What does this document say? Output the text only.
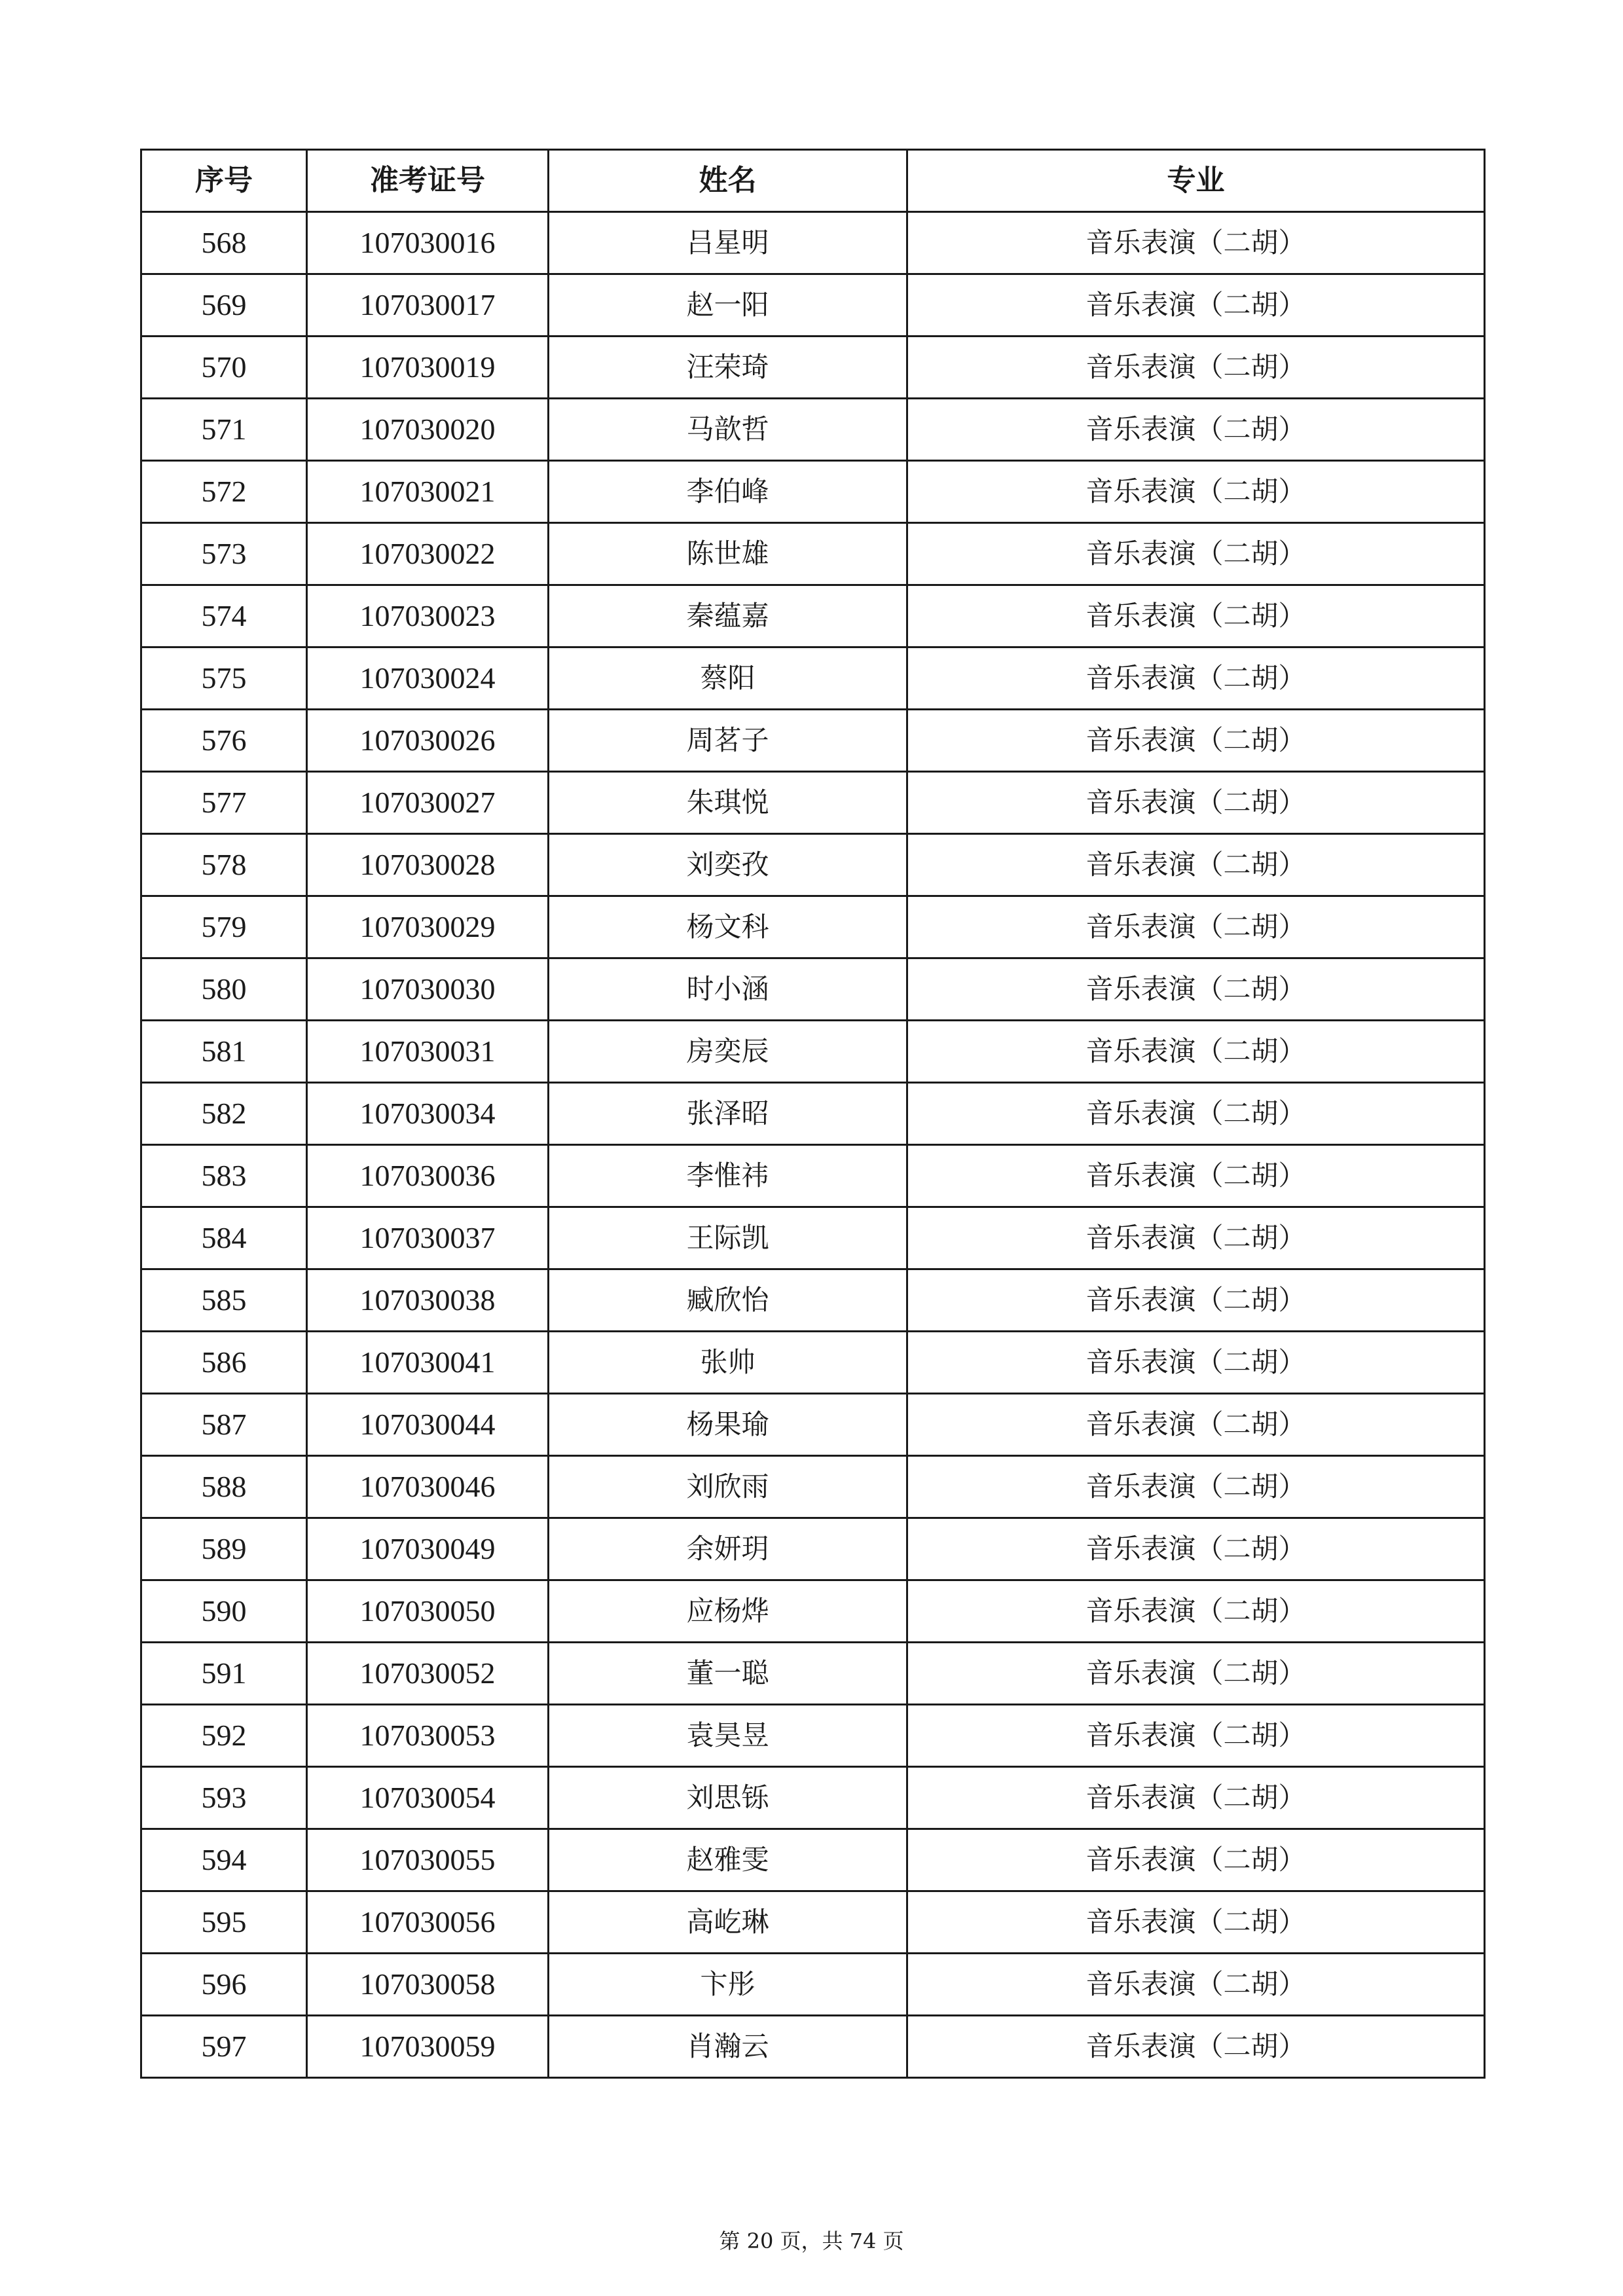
序号	准考证号	姓名	专业
568	107030016	吕星明	音乐表演（二胡）
569	107030017	赵一阳	音乐表演（二胡）
570	107030019	汪荣琦	音乐表演（二胡）
571	107030020	马歆哲	音乐表演（二胡）
572	107030021	李伯峰	音乐表演（二胡）
573	107030022	陈世雄	音乐表演（二胡）
574	107030023	秦蕴嘉	音乐表演（二胡）
575	107030024	蔡阳	音乐表演（二胡）
576	107030026	周茗子	音乐表演（二胡）
577	107030027	朱琪悦	音乐表演（二胡）
578	107030028	刘奕孜	音乐表演（二胡）
579	107030029	杨文科	音乐表演（二胡）
580	107030030	时小涵	音乐表演（二胡）
581	107030031	房奕辰	音乐表演（二胡）
582	107030034	张泽昭	音乐表演（二胡）
583	107030036	李惟祎	音乐表演（二胡）
584	107030037	王际凯	音乐表演（二胡）
585	107030038	臧欣怡	音乐表演（二胡）
586	107030041	张帅	音乐表演（二胡）
587	107030044	杨果瑜	音乐表演（二胡）
588	107030046	刘欣雨	音乐表演（二胡）
589	107030049	余妍玥	音乐表演（二胡）
590	107030050	应杨烨	音乐表演（二胡）
591	107030052	董一聪	音乐表演（二胡）
592	107030053	袁昊昱	音乐表演（二胡）
593	107030054	刘思铄	音乐表演（二胡）
594	107030055	赵雅雯	音乐表演（二胡）
595	107030056	高屹琳	音乐表演（二胡）
596	107030058	卞彤	音乐表演（二胡）
597	107030059	肖瀚云	音乐表演（二胡）
第 20 页，共 74 页
